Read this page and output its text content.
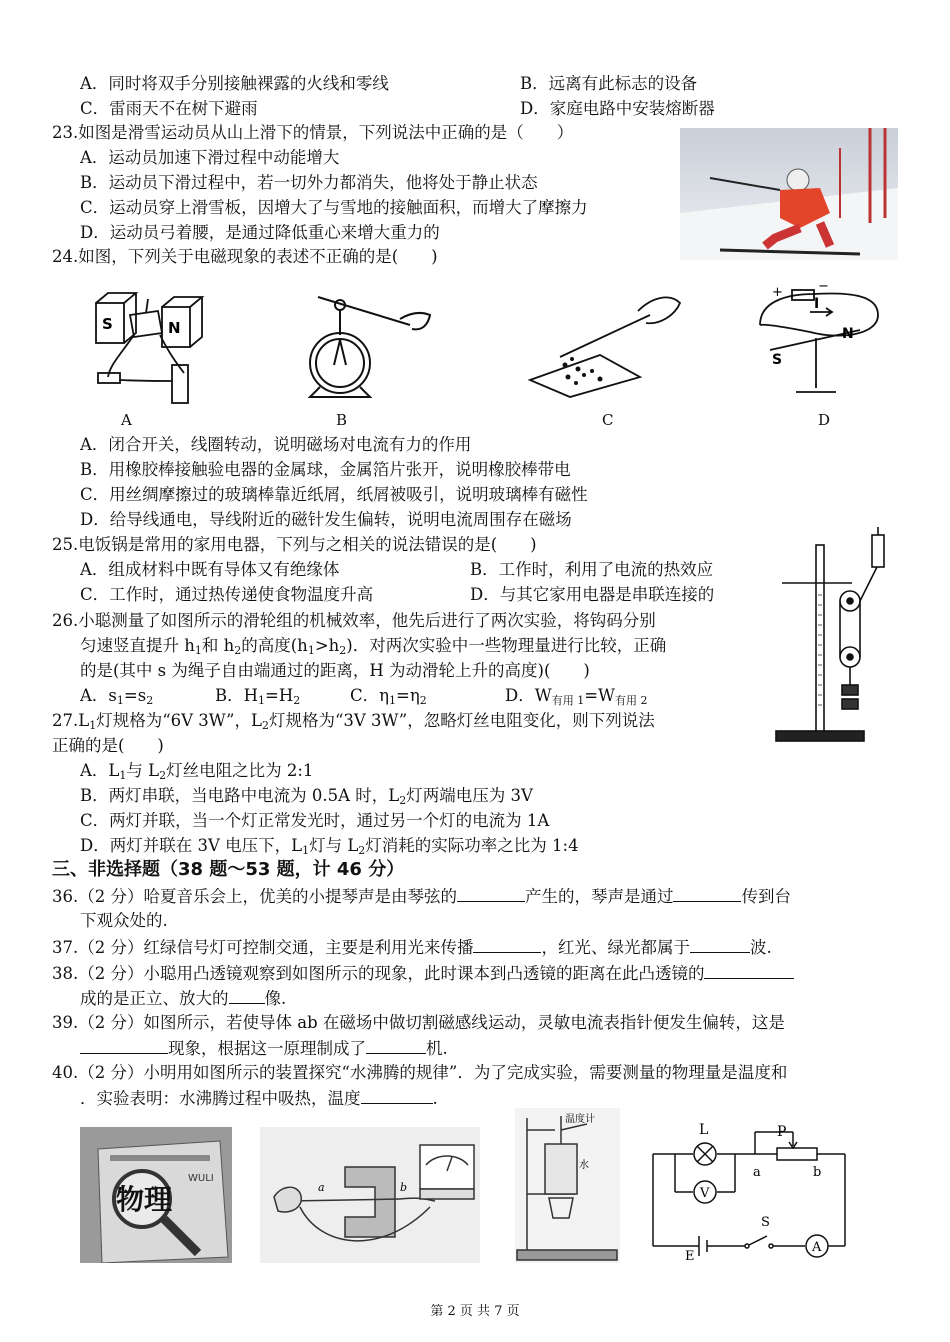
A．同时将双手分别接触裸露的火线和零线	B．远离有此标志的设备
C．雷雨天不在树下避雨	D．家庭电路中安装熔断器
23.如图是滑雪运动员从山上滑下的情景，下列说法中正确的是（　　）
A．运动员加速下滑过程中动能增大
B．运动员下滑过程中，若一切外力都消失，他将处于静止状态
C．运动员穿上滑雪板，因增大了与雪地的接触面积，而增大了摩擦力
D．运动员弓着腰，是通过降低重心来增大重力的
24.如图，下列关于电磁现象的表述不正确的是(　　)
S	N
A	B	C
+	−
I
S
N
D
A．闭合开关，线圈转动，说明磁场对电流有力的作用
B．用橡胶棒接触验电器的金属球，金属箔片张开，说明橡胶棒带电
C．用丝绸摩擦过的玻璃棒靠近纸屑，纸屑被吸引，说明玻璃棒有磁性
D．给导线通电，导线附近的磁针发生偏转，说明电流周围存在磁场
25.电饭锅是常用的家用电器，下列与之相关的说法错误的是(　　)
A．组成材料中既有导体又有绝缘体	B．工作时，利用了电流的热效应
C．工作时，通过热传递使食物温度升高	D．与其它家用电器是串联连接的
26.小聪测量了如图所示的滑轮组的机械效率，他先后进行了两次实验，将钩码分别
匀速竖直提升 $h_1$和 $h_2$的高度$(h_1>h_2)$．对两次实验中一些物理量进行比较，正确
的是(其中 s 为绳子自由端通过的距离，H 为动滑轮上升的高度)(　　)
A．$s_1=s_2$	B．$H_1=H_2$	C．$\eta_1=\eta_2$	D．$W_{有用 1}=W_{有用 2}$
$27.L_1$灯规格为“6V 3W”，$L_2$灯规格为“3V 3W”，忽略灯丝电阻变化，则下列说法
正确的是(　　)
A．$L_1$与 $L_2$灯丝电阻之比为 2:1
B．两灯串联，当电路中电流为 0.5A 时，$L_2$灯两端电压为 3V
C．两灯并联，当一个灯正常发光时，通过另一个灯的电流为 1A
D．两灯并联在 3V 电压下，$L_1$灯与 $L_2$灯消耗的实际功率之比为 1:4
三、非选择题（38 题～53 题，计 46 分）
36.（2 分）哈夏音乐会上，优美的小提琴声是由琴弦的	产生的，琴声是通过	传到台
下观众处的.
37.（2 分）红绿信号灯可控制交通，主要是利用光来传播	，红光、绿光都属于	波.
38.（2 分）小聪用凸透镜观察到如图所示的现象，此时课本到凸透镜的距离在此凸透镜的
成的是正立、放大的 像.
39.（2 分）如图所示，若使导体 ab 在磁场中做切割磁感线运动，灵敏电流表指针便发生偏转，这是
现象，根据这一原理制成了	机.
40.（2 分）小明用如图所示的装置探究“水沸腾的规律”．为了完成实验，需要测量的物理量是温度和
．实验表明：水沸腾过程中吸热，温度	.
物理
WULI
a	b
温度计
水
L	P
a	b
V
S
E
A
第 2 页 共 7 页
